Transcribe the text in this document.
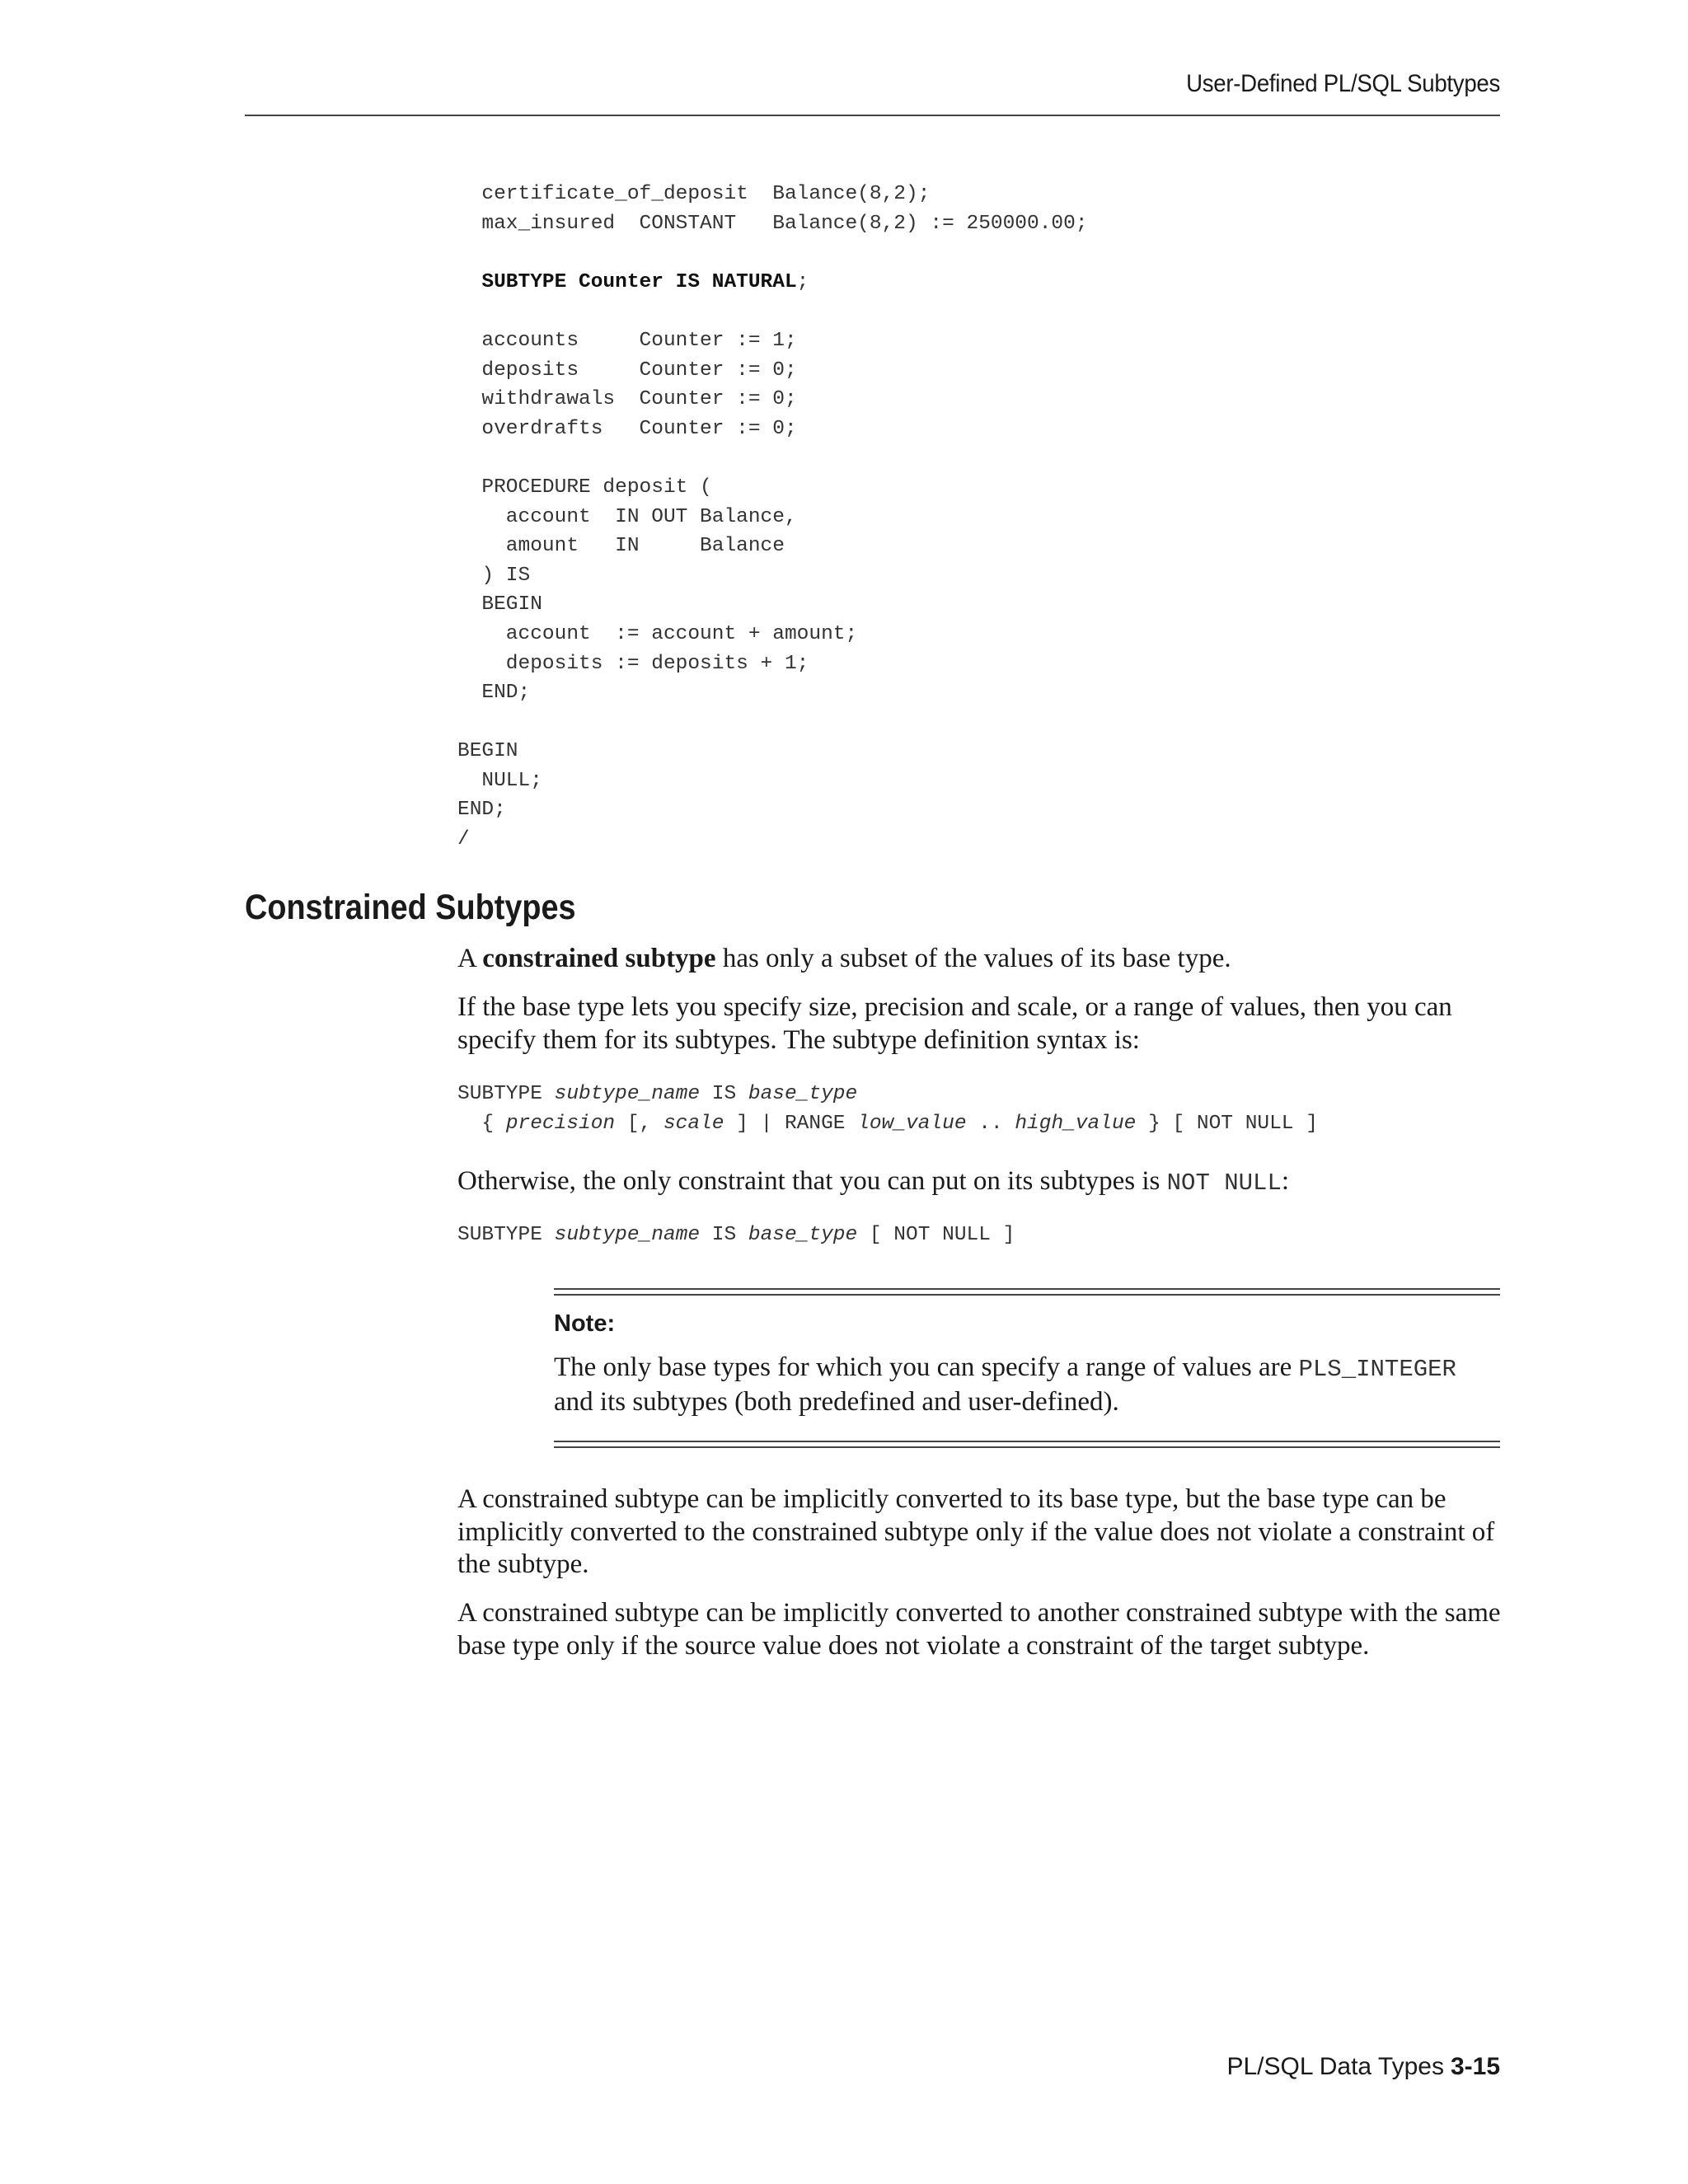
User-Defined PL/SQL Subtypes
certificate_of_deposit  Balance(8,2);
max_insured  CONSTANT   Balance(8,2) := 250000.00;

SUBTYPE Counter IS NATURAL;

accounts     Counter := 1;
deposits     Counter := 0;
withdrawals  Counter := 0;
overdrafts   Counter := 0;

PROCEDURE deposit (
account  IN OUT Balance,
amount   IN     Balance
) IS
BEGIN
account  := account + amount;
deposits := deposits + 1;
END;

BEGIN
NULL;
END;
/
Constrained Subtypes

A constrained subtype has only a subset of the values of its base type.

If the base type lets you specify size, precision and scale, or a range of values, then you can specify them for its subtypes. The subtype definition syntax is:

SUBTYPE subtype_name IS base_type
{ precision [, scale ] | RANGE low_value .. high_value } [ NOT NULL ]

Otherwise, the only constraint that you can put on its subtypes is NOT NULL:

SUBTYPE subtype_name IS base_type [ NOT NULL ]

Note:

The only base types for which you can specify a range of values are PLS_INTEGER and its subtypes (both predefined and user-defined).

A constrained subtype can be implicitly converted to its base type, but the base type can be implicitly converted to the constrained subtype only if the value does not violate a constraint of the subtype.

A constrained subtype can be implicitly converted to another constrained subtype with the same base type only if the source value does not violate a constraint of the target subtype.

PL/SQL Data Types 3-15
